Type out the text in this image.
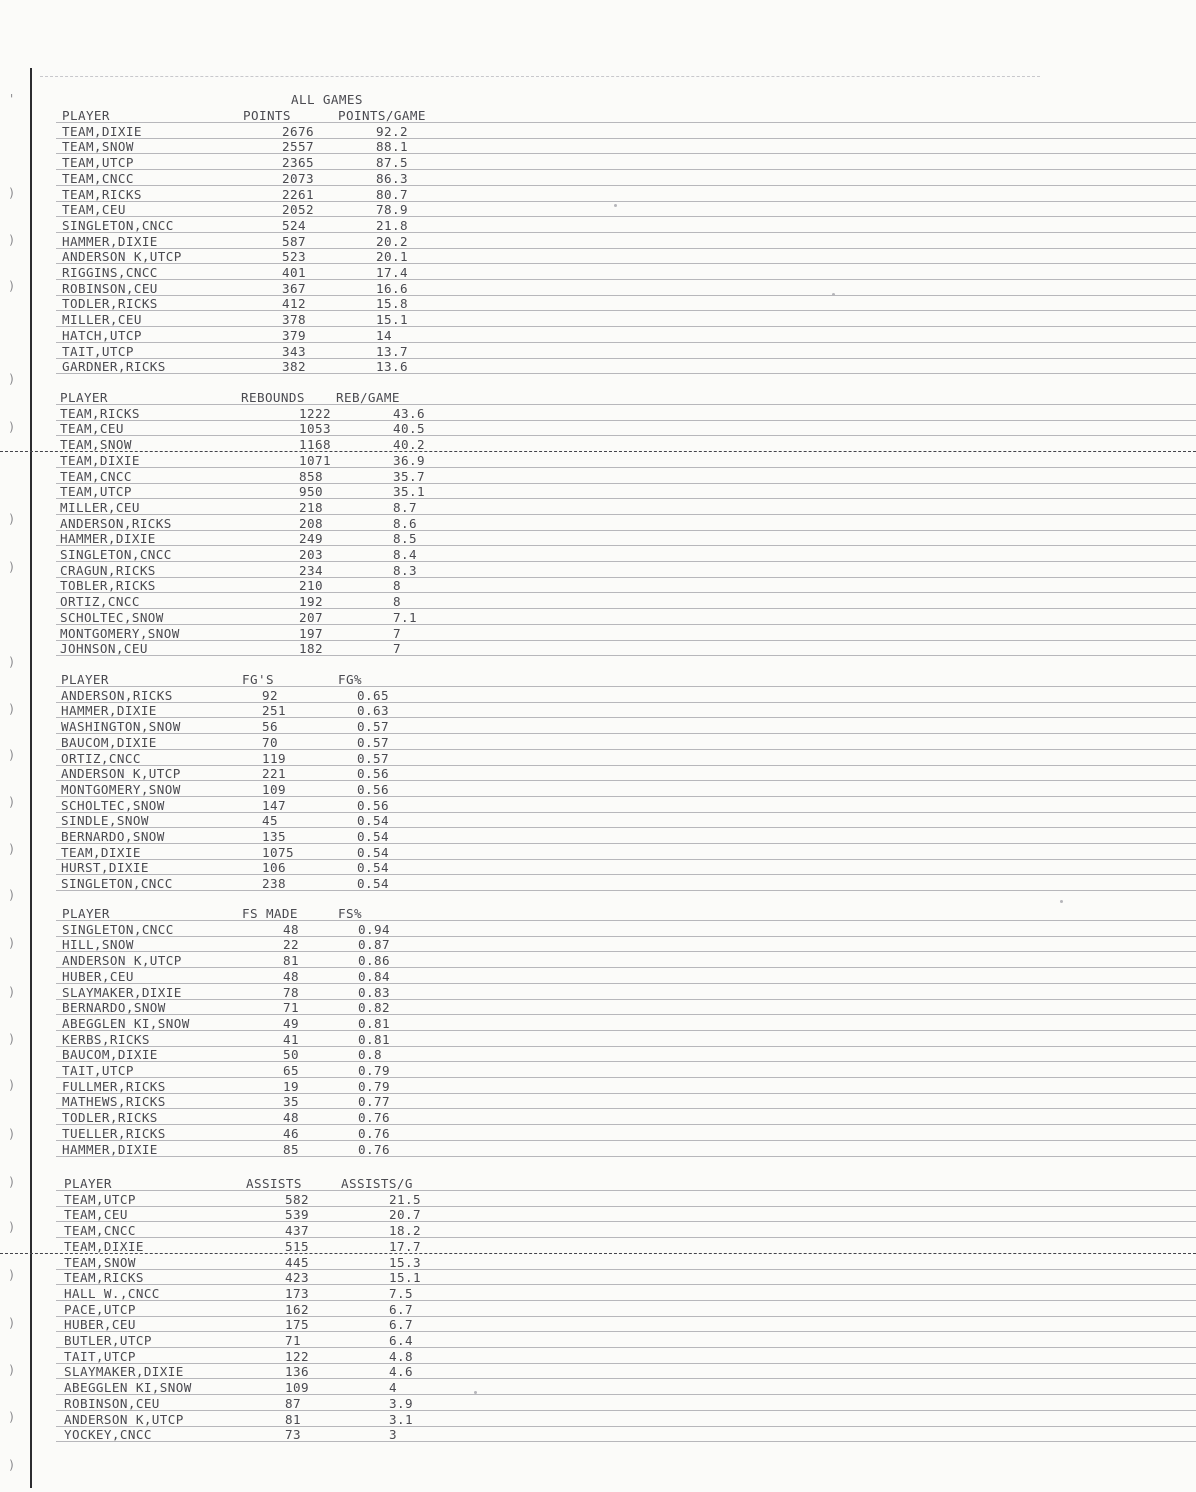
'
)
)
)
)
)
)
)
)
)
)
)
)
)
)
)
)
)
)
)
)
)
)
)
)
)
ALL GAMES
PLAYER	POINTS	POINTS/GAME
TEAM,DIXIE	2676	92.2
TEAM,SNOW	2557	88.1
TEAM,UTCP	2365	87.5
TEAM,CNCC	2073	86.3
TEAM,RICKS	2261	80.7
TEAM,CEU	2052	78.9
SINGLETON,CNCC	524	21.8
HAMMER,DIXIE	587	20.2
ANDERSON K,UTCP	523	20.1
RIGGINS,CNCC	401	17.4
ROBINSON,CEU	367	16.6
TODLER,RICKS	412	15.8
MILLER,CEU	378	15.1
HATCH,UTCP	379	14
TAIT,UTCP	343	13.7
GARDNER,RICKS	382	13.6
PLAYER	REBOUNDS REB/GAME
TEAM,RICKS	1222	43.6
TEAM,CEU	1053	40.5
TEAM,SNOW	1168	40.2
TEAM,DIXIE	1071	36.9
TEAM,CNCC	858	35.7
TEAM,UTCP	950	35.1
MILLER,CEU	218	8.7
ANDERSON,RICKS	208	8.6
HAMMER,DIXIE	249	8.5
SINGLETON,CNCC	203	8.4
CRAGUN,RICKS	234	8.3
TOBLER,RICKS	210	8
ORTIZ,CNCC	192	8
SCHOLTEC,SNOW	207	7.1
MONTGOMERY,SNOW	197	7
JOHNSON,CEU	182	7
PLAYER	FG'S	FG%
ANDERSON,RICKS	92	0.65
HAMMER,DIXIE	251	0.63
WASHINGTON,SNOW	56	0.57
BAUCOM,DIXIE	70	0.57
ORTIZ,CNCC	119	0.57
ANDERSON K,UTCP	221	0.56
MONTGOMERY,SNOW	109	0.56
SCHOLTEC,SNOW	147	0.56
SINDLE,SNOW	45	0.54
BERNARDO,SNOW	135	0.54
TEAM,DIXIE	1075	0.54
HURST,DIXIE	106	0.54
SINGLETON,CNCC	238	0.54
PLAYER	FS MADE	FS%
SINGLETON,CNCC	48	0.94
HILL,SNOW	22	0.87
ANDERSON K,UTCP	81	0.86
HUBER,CEU	48	0.84
SLAYMAKER,DIXIE	78	0.83
BERNARDO,SNOW	71	0.82
ABEGGLEN KI,SNOW	49	0.81
KERBS,RICKS	41	0.81
BAUCOM,DIXIE	50	0.8
TAIT,UTCP	65	0.79
FULLMER,RICKS	19	0.79
MATHEWS,RICKS	35	0.77
TODLER,RICKS	48	0.76
TUELLER,RICKS	46	0.76
HAMMER,DIXIE	85	0.76
PLAYER	ASSISTS	ASSISTS/G
TEAM,UTCP	582	21.5
TEAM,CEU	539	20.7
TEAM,CNCC	437	18.2
TEAM,DIXIE	515	17.7
TEAM,SNOW	445	15.3
TEAM,RICKS	423	15.1
HALL W.,CNCC	173	7.5
PACE,UTCP	162	6.7
HUBER,CEU	175	6.7
BUTLER,UTCP	71	6.4
TAIT,UTCP	122	4.8
SLAYMAKER,DIXIE	136	4.6
ABEGGLEN KI,SNOW	109	4
ROBINSON,CEU	87	3.9
ANDERSON K,UTCP	81	3.1
YOCKEY,CNCC	73	3
